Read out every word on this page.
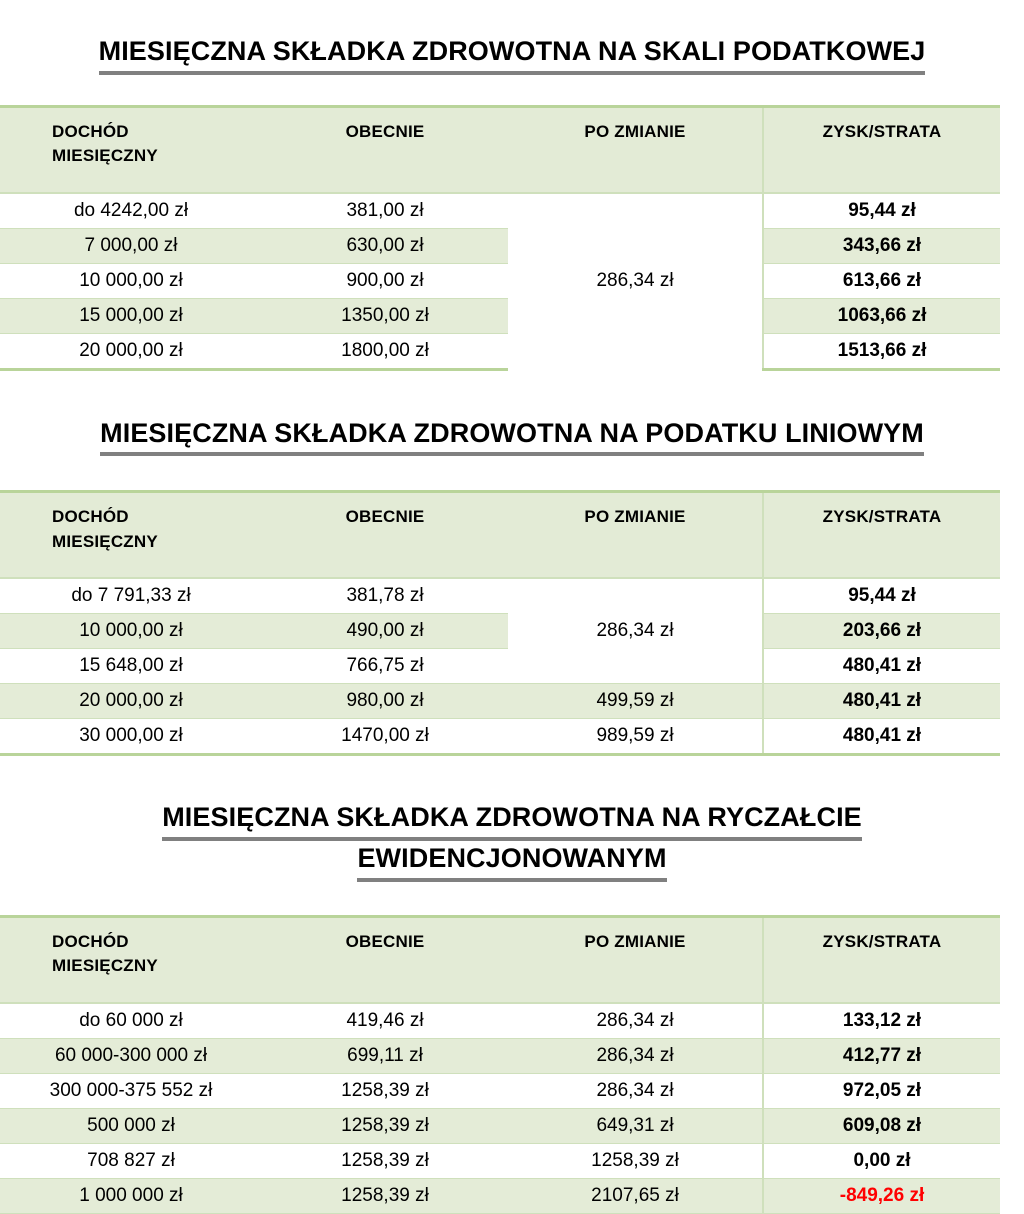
MIESIĘCZNA SKŁADKA ZDROWOTNA NA SKALI PODATKOWEJ
DOCHÓD
MIESIĘCZNY	OBECNIE	PO ZMIANIE	ZYSK/STRATA
do 4242,00 zł	381,00 zł	286,34 zł	95,44 zł
7 000,00 zł	630,00 zł		343,66 zł
10 000,00 zł	900,00 zł		613,66 zł
15 000,00 zł	1350,00 zł		1063,66 zł
20 000,00 zł	1800,00 zł		1513,66 zł
MIESIĘCZNA SKŁADKA ZDROWOTNA NA PODATKU LINIOWYM
DOCHÓD
MIESIĘCZNY	OBECNIE	PO ZMIANIE	ZYSK/STRATA
do 7 791,33 zł	381,78 zł	286,34 zł	95,44 zł
10 000,00 zł	490,00 zł		203,66 zł
15 648,00 zł	766,75 zł		480,41 zł
20 000,00 zł	980,00 zł	499,59 zł	480,41 zł
30 000,00 zł	1470,00 zł	989,59 zł	480,41 zł
MIESIĘCZNA SKŁADKA ZDROWOTNA NA RYCZAŁCIE
EWIDENCJONOWANYM
DOCHÓD
MIESIĘCZNY	OBECNIE	PO ZMIANIE	ZYSK/STRATA
do 60 000 zł	419,46 zł	286,34 zł	133,12 zł
60 000-300 000 zł	699,11 zł	286,34 zł	412,77 zł
300 000-375 552 zł	1258,39 zł	286,34 zł	972,05 zł
500 000 zł	1258,39 zł	649,31 zł	609,08 zł
708 827 zł	1258,39 zł	1258,39 zł	0,00 zł
1 000 000 zł	1258,39 zł	2107,65 zł	-849,26 zł
